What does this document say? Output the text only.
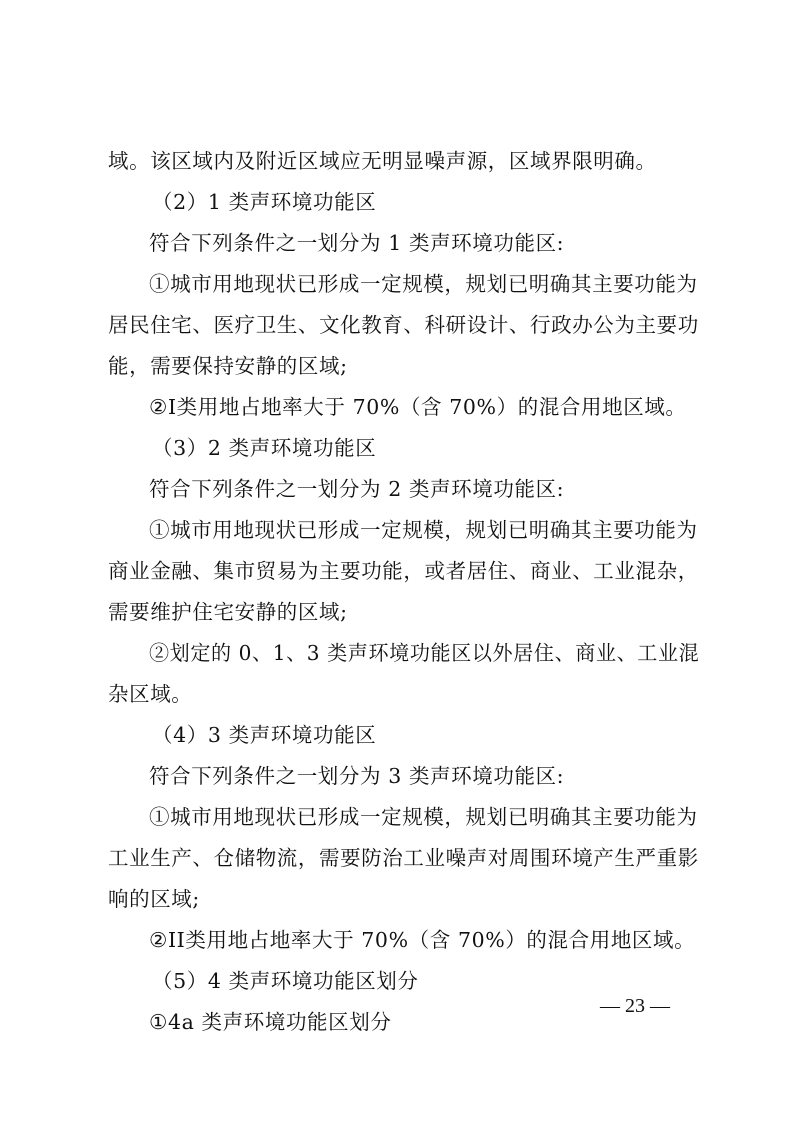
域。该区域内及附近区域应无明显噪声源，区域界限明确。
（2）1 类声环境功能区
符合下列条件之一划分为 1 类声环境功能区:
①城市用地现状已形成一定规模，规划已明确其主要功能为
居民住宅、医疗卫生、文化教育、科研设计、行政办公为主要功
能，需要保持安静的区域;
②I类用地占地率大于 70%（含 70%）的混合用地区域。
（3）2 类声环境功能区
符合下列条件之一划分为 2 类声环境功能区:
①城市用地现状已形成一定规模，规划已明确其主要功能为
商业金融、集市贸易为主要功能，或者居住、商业、工业混杂，
需要维护住宅安静的区域;
②划定的 0、1、3 类声环境功能区以外居住、商业、工业混
杂区域。
（4）3 类声环境功能区
符合下列条件之一划分为 3 类声环境功能区:
①城市用地现状已形成一定规模，规划已明确其主要功能为
工业生产、仓储物流，需要防治工业噪声对周围环境产生严重影
响的区域;
②II类用地占地率大于 70%（含 70%）的混合用地区域。
（5）4 类声环境功能区划分
①4a 类声环境功能区划分
— 23 —
